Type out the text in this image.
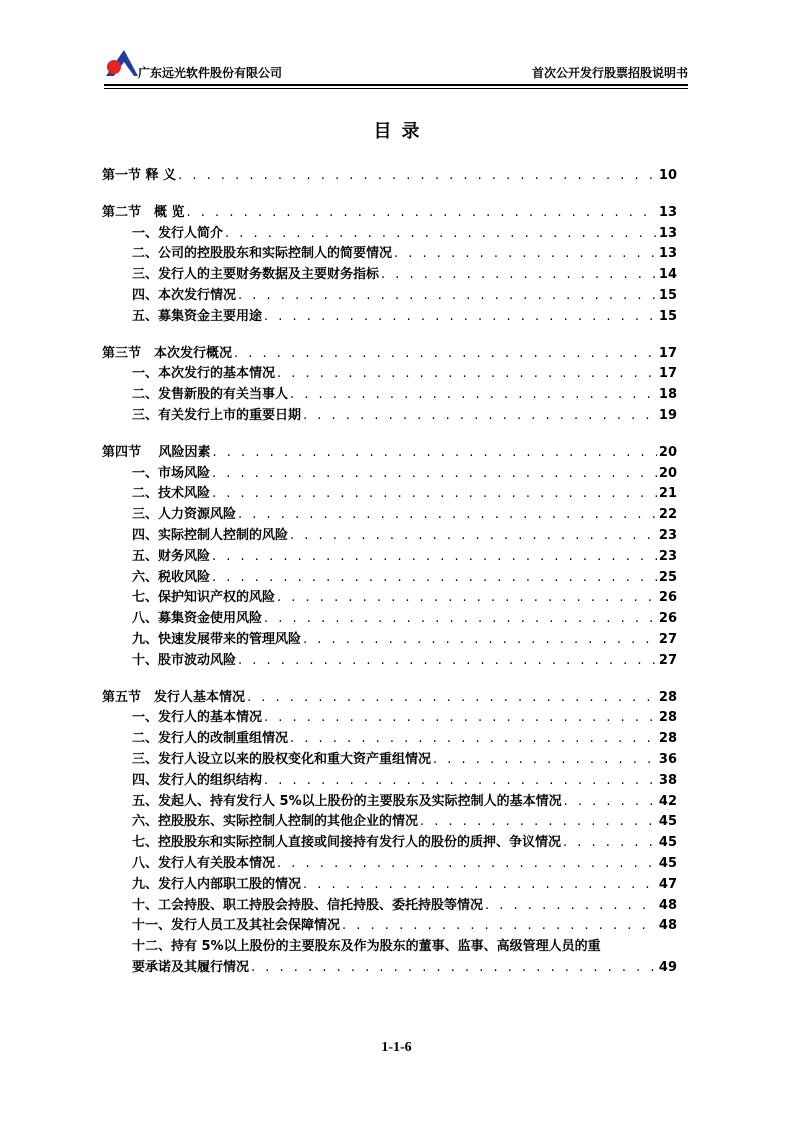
广东远光软件股份有限公司	首次公开发行股票招股说明书
目录
第一节 释 义 . . .	10
第二节　概 览 . . .	13
一、发行人简介 . . .	13
二、公司的控股股东和实际控制人的简要情况 . . .	13
三、发行人的主要财务数据及主要财务指标 . . .	14
四、本次发行情况 . . .	15
五、募集资金主要用途 . . .	15
第三节　本次发行概况 . . .	17
一、本次发行的基本情况 . . .	17
二、发售新股的有关当事人 . . .	18
三、有关发行上市的重要日期 . . .	19
第四节　 风险因素 . . .	20
一、市场风险 . . .	20
二、技术风险 . . .	21
三、人力资源风险 . . .	22
四、实际控制人控制的风险 . . .	23
五、财务风险 . . .	23
六、税收风险 . . .	25
七、保护知识产权的风险 . . .	26
八、募集资金使用风险 . . .	26
九、快速发展带来的管理风险 . . .	27
十、股市波动风险 . . .	27
第五节　发行人基本情况 . . .	28
一、发行人的基本情况 . . .	28
二、发行人的改制重组情况 . . .	28
三、发行人设立以来的股权变化和重大资产重组情况 . . .	36
四、发行人的组织结构 . . .	38
五、发起人、持有发行人 5%以上股份的主要股东及实际控制人的基本情况 . . .	42
六、控股股东、实际控制人控制的其他企业的情况 . . .	45
七、控股股东和实际控制人直接或间接持有发行人的股份的质押、争议情况 . . .	45
八、发行人有关股本情况 . . .	45
九、发行人内部职工股的情况 . . .	47
十、工会持股、职工持股会持股、信托持股、委托持股等情况 . . .	48
十一、发行人员工及其社会保障情况 . . .	48
十二、持有 5%以上股份的主要股东及作为股东的董事、监事、高级管理人员的重
要承诺及其履行情况 . . .	49
1-1-6
